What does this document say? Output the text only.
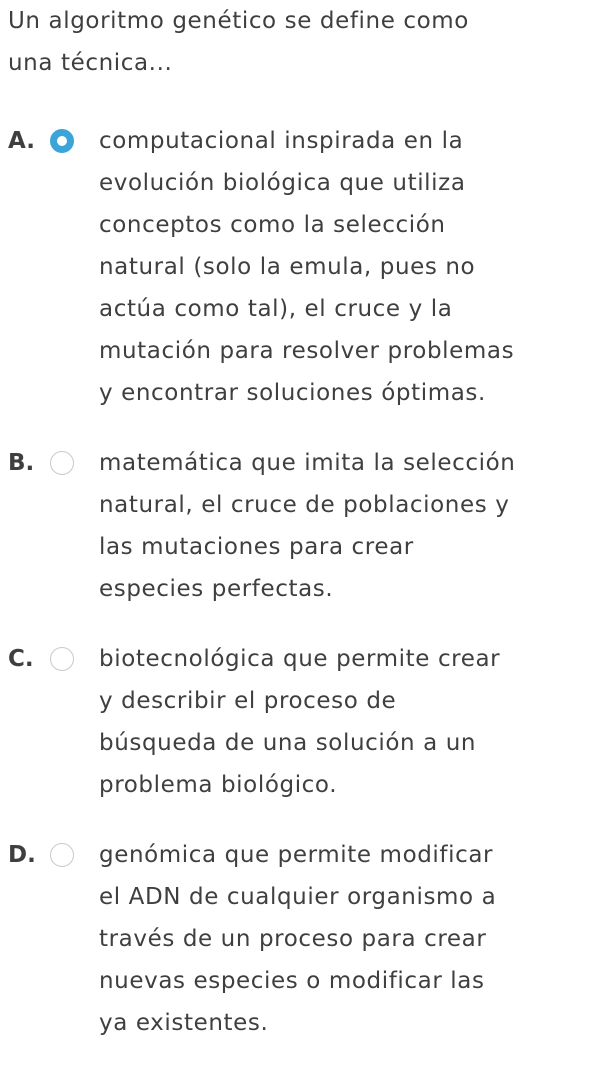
Un algoritmo genético se define como
una técnica...

A.	computacional inspirada en la
evolución biológica que utiliza
conceptos como la selección
natural (solo la emula, pues no
actúa como tal), el cruce y la
mutación para resolver problemas
y encontrar soluciones óptimas.

B.	matemática que imita la selección
natural, el cruce de poblaciones y
las mutaciones para crear
especies perfectas.

C.	biotecnológica que permite crear
y describir el proceso de
búsqueda de una solución a un
problema biológico.

D.	genómica que permite modificar
el ADN de cualquier organismo a
través de un proceso para crear
nuevas especies o modificar las
ya existentes.
